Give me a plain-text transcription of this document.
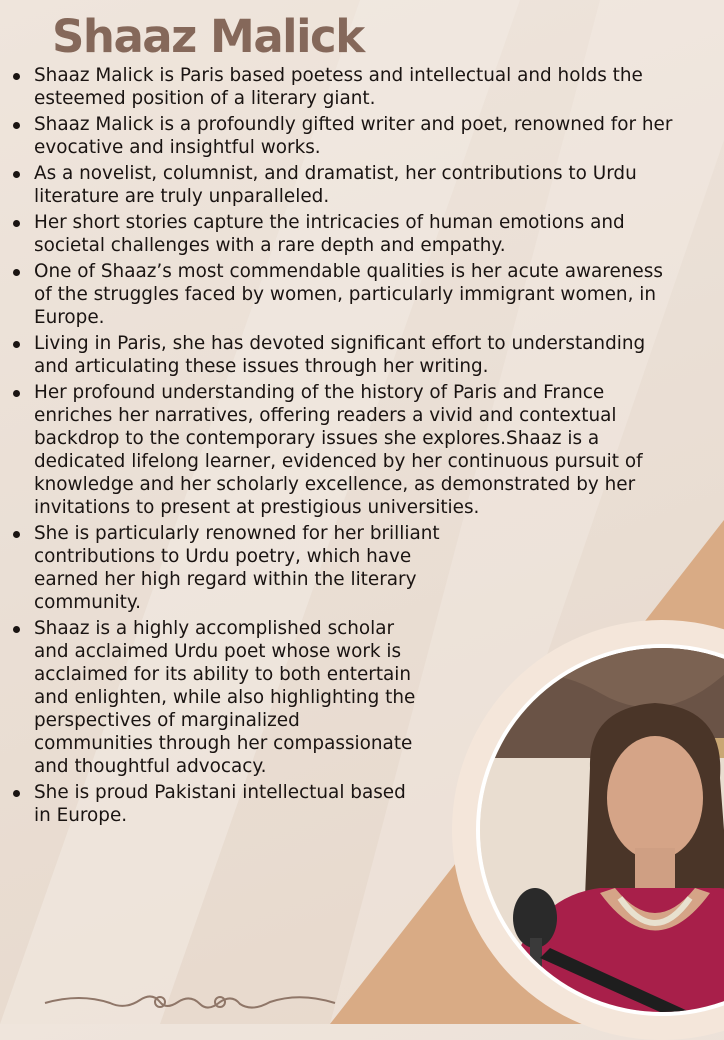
Shaaz Malick
Shaaz Malick is Paris based poetess and intellectual and holds the esteemed position of a literary giant.
Shaaz Malick is a profoundly gifted writer and poet, renowned for her evocative and insightful works.
As a novelist, columnist, and dramatist, her contributions to Urdu literature are truly unparalleled.
Her short stories capture the intricacies of human emotions and societal challenges with a rare depth and empathy.
One of Shaaz’s most commendable qualities is her acute awareness of the struggles faced by women, particularly immigrant women, in Europe.
Living in Paris, she has devoted significant effort to understanding and articulating these issues through her writing.
Her profound understanding of the history of Paris and France enriches her narratives, offering readers a vivid and contextual backdrop to the contemporary issues she explores.Shaaz is a dedicated lifelong learner, evidenced by her continuous pursuit of knowledge and her scholarly excellence, as demonstrated by her invitations to present at prestigious universities.
She is particularly renowned for her brilliant contributions to Urdu poetry, which have earned her high regard within the literary community.
Shaaz is a highly accomplished scholar and acclaimed Urdu poet whose work is acclaimed for its ability to both entertain and enlighten, while also highlighting the perspectives of marginalized communities through her compassionate and thoughtful advocacy.
She is proud Pakistani intellectual based in Europe.
